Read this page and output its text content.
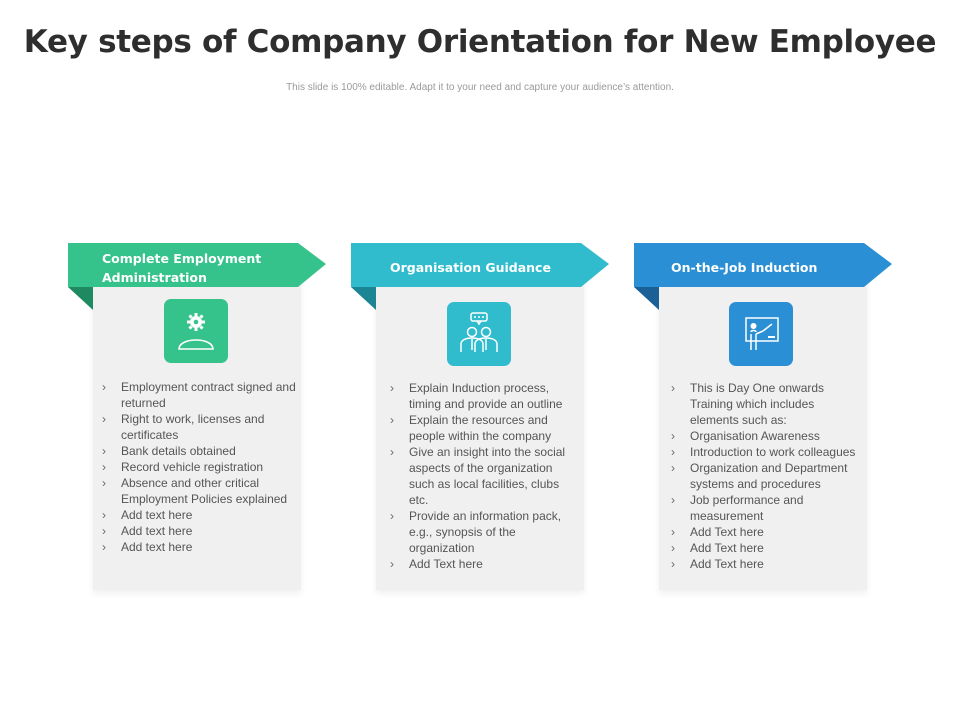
Key steps of Company Orientation for New Employee
This slide is 100% editable. Adapt it to your need and capture your audience’s attention.
Complete Employment
Administration
› Employment contract signed and returned
› Right to work, licenses and certificates
› Bank details obtained
› Record vehicle registration
› Absence and other critical Employment Policies explained
› Add text here
› Add text here
› Add text here
Organisation Guidance
› Explain Induction process, timing and provide an outline
› Explain the resources and people within the company
› Give an insight into the social aspects of the organization such as local facilities, clubs etc.
› Provide an information pack, e.g., synopsis of the organization
› Add Text here
On-the-Job Induction
› This is Day One onwards Training which includes elements such as:
› Organisation Awareness
› Introduction to work colleagues
› Organization and Department systems and procedures
› Job performance and measurement
› Add Text here
› Add Text here
› Add Text here
